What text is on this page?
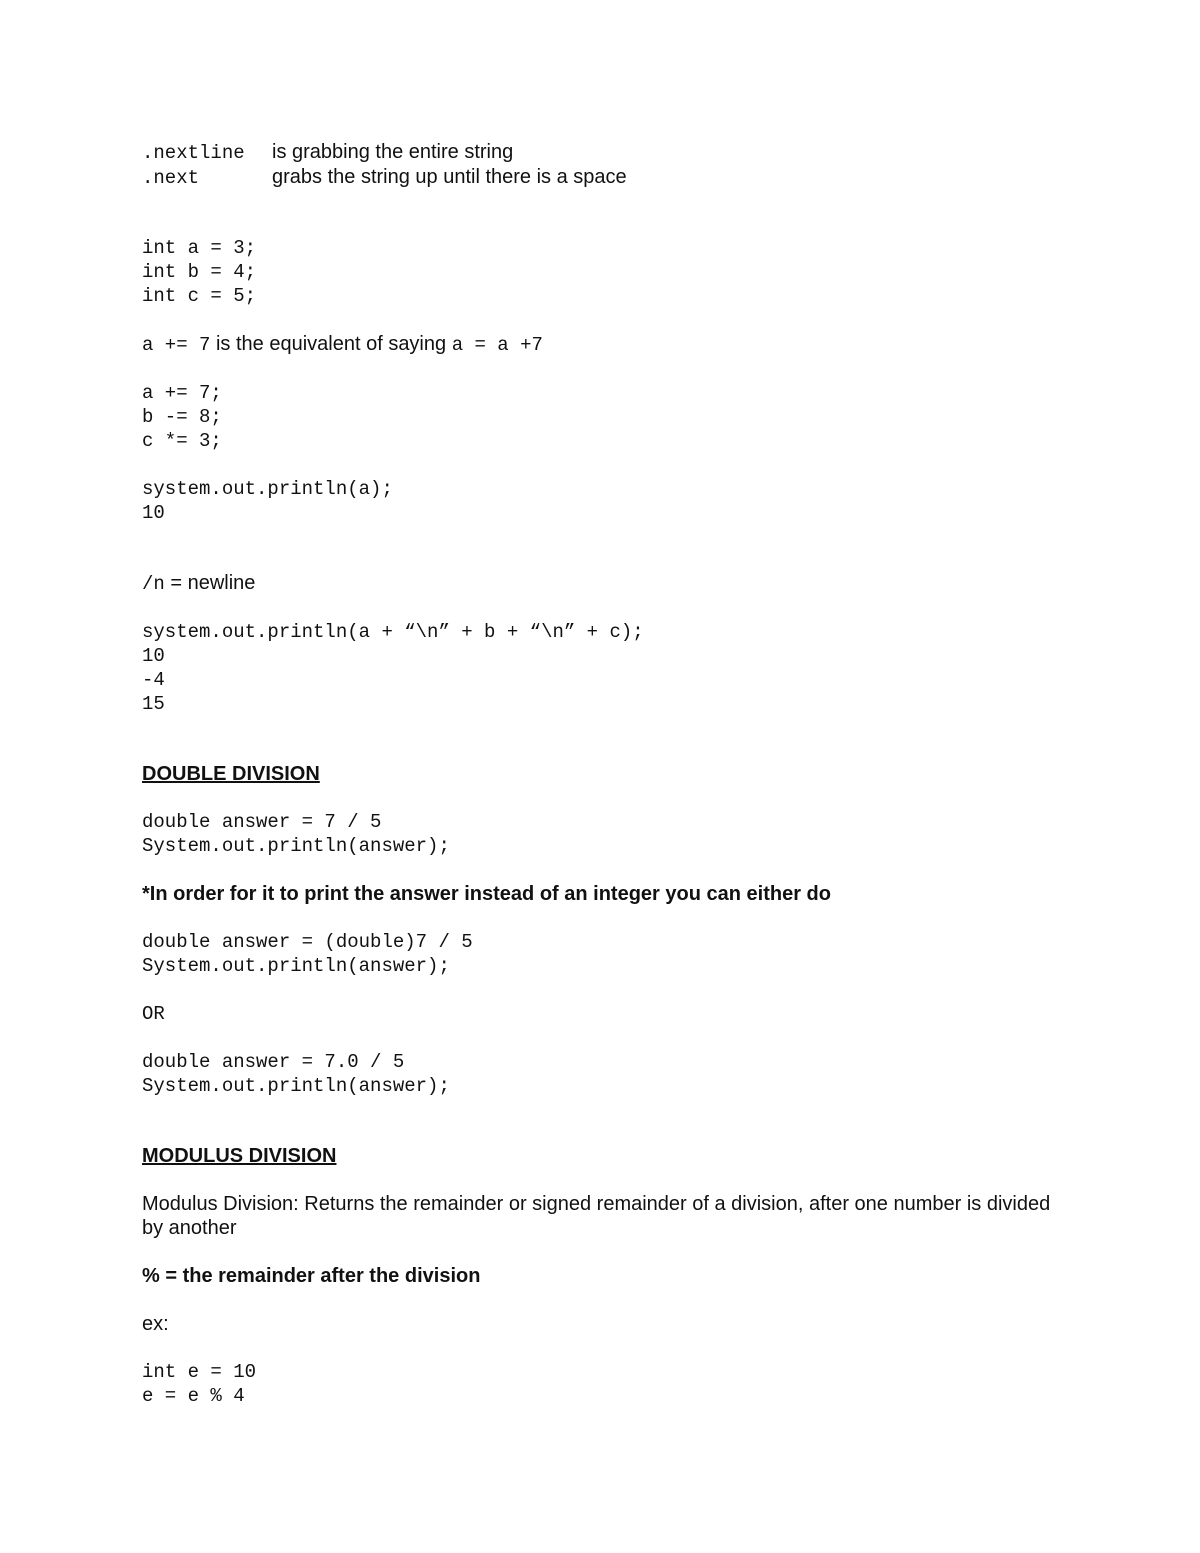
.nextline	is grabbing the entire string
.next	grabs the string up until there is a space

int a = 3;

int b = 4;

int c = 5;

a += 7 is the equivalent of saying a = a +7

a += 7;

b -= 8;

c *= 3;

system.out.println(a);

10

/n = newline

system.out.println(a + “\n” + b + “\n” + c);

10

-4

15

DOUBLE DIVISION

double answer = 7 / 5

System.out.println(answer);

*In order for it to print the answer instead of an integer you can either do

double answer = (double)7 / 5

System.out.println(answer);

OR

double answer = 7.0 / 5

System.out.println(answer);

MODULUS DIVISION

Modulus Division: Returns the remainder or signed remainder of a division, after one number is divided by another

% = the remainder after the division

ex:

int e = 10

e = e % 4
